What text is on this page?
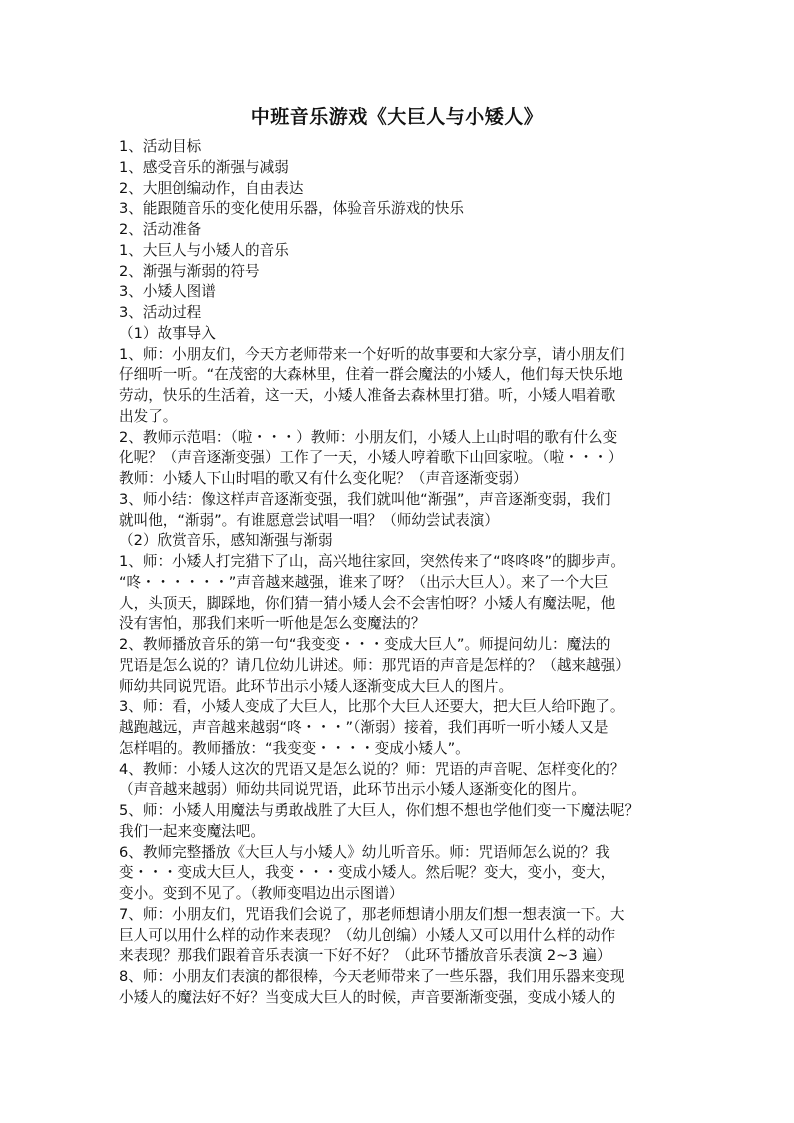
中班音乐游戏《大巨人与小矮人》
1、活动目标
1、感受音乐的渐强与减弱
2、大胆创编动作，自由表达
3、能跟随音乐的变化使用乐器，体验音乐游戏的快乐
2、活动准备
1、大巨人与小矮人的音乐
2、渐强与渐弱的符号
3、小矮人图谱
3、活动过程
（1）故事导入
1、师：小朋友们，今天方老师带来一个好听的故事要和大家分享，请小朋友们
仔细听一听。“在茂密的大森林里，住着一群会魔法的小矮人，他们每天快乐地
劳动，快乐的生活着，这一天，小矮人准备去森林里打猎。听，小矮人唱着歌
出发了。
2、教师示范唱：（啦・・・）教师：小朋友们，小矮人上山时唱的歌有什么变
化呢？（声音逐渐变强）工作了一天，小矮人哼着歌下山回家啦。（啦・・・）
教师：小矮人下山时唱的歌又有什么变化呢？（声音逐渐变弱）
3、师小结：像这样声音逐渐变强，我们就叫他“渐强”，声音逐渐变弱，我们
就叫他，“渐弱”。有谁愿意尝试唱一唱？（师幼尝试表演）
（2）欣赏音乐，感知渐强与渐弱
1、师：小矮人打完猎下了山，高兴地往家回，突然传来了“咚咚咚”的脚步声。
“咚・・・・・・”声音越来越强，谁来了呀？（出示大巨人）。来了一个大巨
人，头顶天，脚踩地，你们猜一猜小矮人会不会害怕呀？小矮人有魔法呢，他
没有害怕，那我们来听一听他是怎么变魔法的？
2、教师播放音乐的第一句“我变变・・・变成大巨人”。师提问幼儿：魔法的
咒语是怎么说的？请几位幼儿讲述。师：那咒语的声音是怎样的？（越来越强）
师幼共同说咒语。此环节出示小矮人逐渐变成大巨人的图片。
3、师：看，小矮人变成了大巨人，比那个大巨人还要大，把大巨人给吓跑了。
越跑越远，声音越来越弱“咚・・・”（渐弱）接着，我们再听一听小矮人又是
怎样唱的。教师播放：“我变变・・・・变成小矮人”。
4、教师：小矮人这次的咒语又是怎么说的？师：咒语的声音呢、怎样变化的？
（声音越来越弱）师幼共同说咒语，此环节出示小矮人逐渐变化的图片。
5、师：小矮人用魔法与勇敢战胜了大巨人，你们想不想也学他们变一下魔法呢？
我们一起来变魔法吧。
6、教师完整播放《大巨人与小矮人》幼儿听音乐。师：咒语师怎么说的？我
变・・・变成大巨人，我变・・・变成小矮人。然后呢？变大，变小，变大，
变小。变到不见了。（教师变唱边出示图谱）
7、师：小朋友们，咒语我们会说了，那老师想请小朋友们想一想表演一下。大
巨人可以用什么样的动作来表现？（幼儿创编）小矮人又可以用什么样的动作
来表现？那我们跟着音乐表演一下好不好？（此环节播放音乐表演 2~3 遍）
8、师：小朋友们表演的都很棒，今天老师带来了一些乐器，我们用乐器来变现
小矮人的魔法好不好？当变成大巨人的时候，声音要渐渐变强，变成小矮人的
